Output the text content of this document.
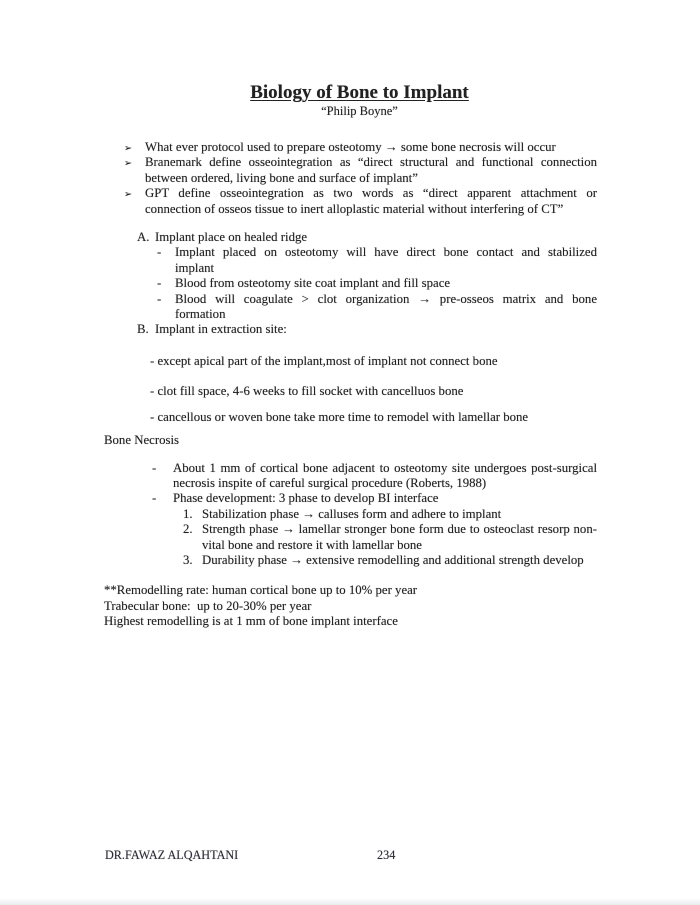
Biology of Bone to Implant
“Philip Boyne”
➢	What ever protocol used to prepare osteotomy → some bone necrosis will occur
➢	Branemark define osseointegration as “direct structural and functional connection
between ordered, living bone and surface of implant”
➢	GPT define osseointegration as two words as “direct apparent attachment or
connection of osseos tissue to inert alloplastic material without interfering of CT”
A. Implant place on healed ridge
-	Implant placed on osteotomy will have direct bone contact and stabilized
implant
-	Blood from osteotomy site coat implant and fill space
-	Blood will coagulate > clot organization → pre-osseos matrix and bone
formation
B. Implant in extraction site:
- except apical part of the implant,most of implant not connect bone
- clot fill space, 4-6 weeks to fill socket with cancelluos bone
- cancellous or woven bone take more time to remodel with lamellar bone
Bone Necrosis
-	About 1 mm of cortical bone adjacent to osteotomy site undergoes post-surgical
necrosis inspite of careful surgical procedure (Roberts, 1988)
-	Phase development: 3 phase to develop BI interface
1. Stabilization phase → calluses form and adhere to implant
2. Strength phase → lamellar stronger bone form due to osteoclast resorp non-
vital bone and restore it with lamellar bone
3. Durability phase → extensive remodelling and additional strength develop
**Remodelling rate: human cortical bone up to 10% per year
Trabecular bone:  up to 20-30% per year
Highest remodelling is at 1 mm of bone implant interface
DR.FAWAZ ALQAHTANI	234
